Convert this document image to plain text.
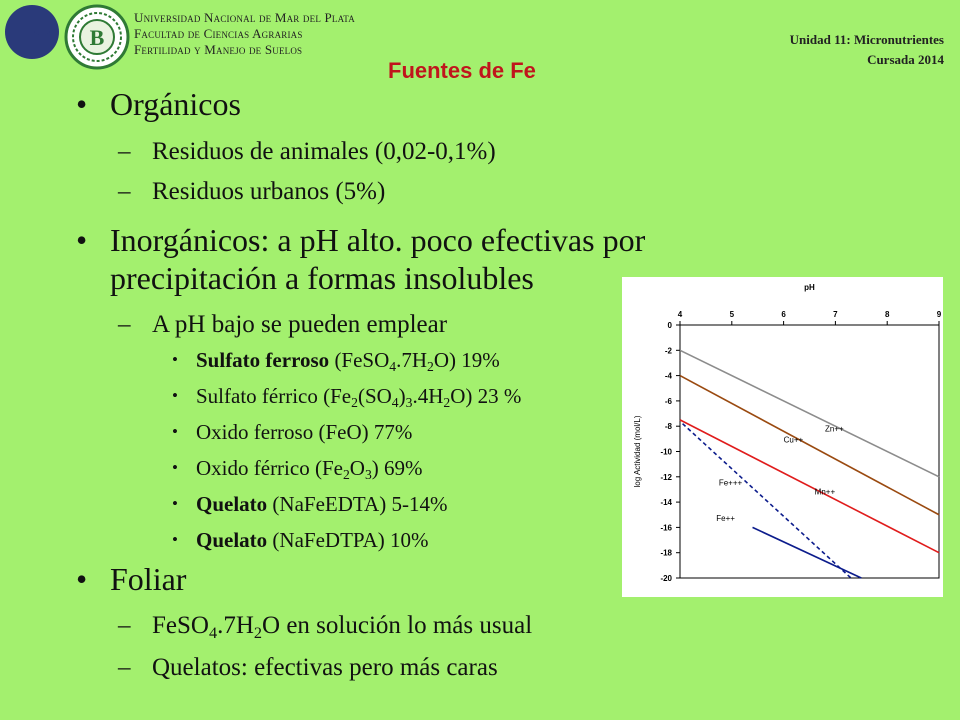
B
Universidad Nacional de Mar del Plata
Facultad de Ciencias Agrarias
Fertilidad y Manejo de Suelos
Unidad 11: Micronutrientes
Cursada 2014
Fuentes de Fe
• Orgánicos
– Residuos de animales (0,02-0,1%)
– Residuos urbanos (5%)
• Inorgánicos: a pH alto. poco efectivas por
precipitación a formas insolubles
– A pH bajo se pueden emplear
• Sulfato ferroso $(FeSO_4.7H_2O)$ 19%
• Sulfato férrico $(Fe_2(SO_4)_3.4H_2O)$ 23 %
• Oxido ferroso (FeO) 77%
• Oxido férrico $(Fe_2O_3)$ 69%
• Quelato (NaFeEDTA) 5-14%
• Quelato (NaFeDTPA) 10%
• Foliar
– $FeSO_4.7H_2O$ en solución lo más usual
– Quelatos: efectivas pero más caras
pH
4	5	6	7	8	9
0
-2
-4
-6
-8
-10
-12
-14
-16
-18
-20
log Actividad (mol/L)	Zn++
Cu++
Mn++
Fe++
Fe+++
